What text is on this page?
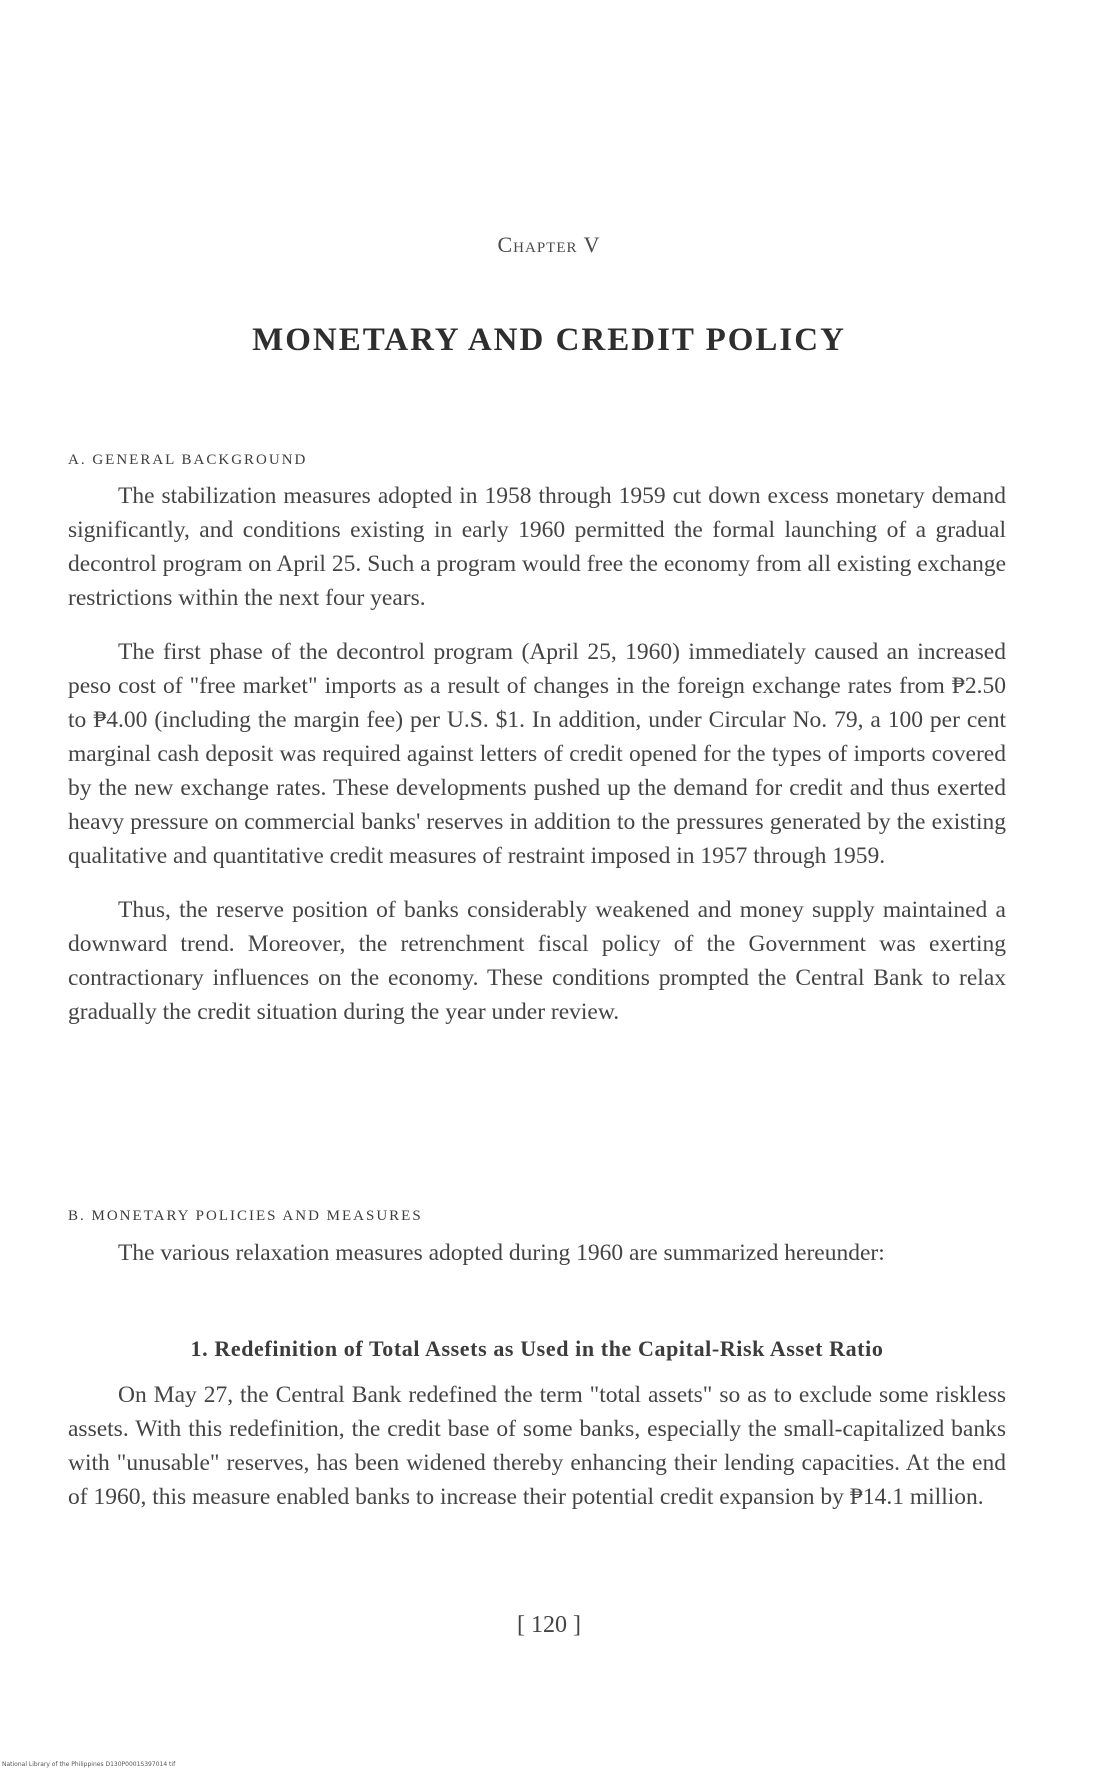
Chapter V
MONETARY AND CREDIT POLICY
A. GENERAL BACKGROUND

The stabilization measures adopted in 1958 through 1959 cut down excess monetary demand significantly, and conditions existing in early 1960 permitted the formal launching of a gradual decontrol program on April 25. Such a program would free the economy from all existing exchange restrictions within the next four years.

The first phase of the decontrol program (April 25, 1960) immediately caused an increased peso cost of "free market" imports as a result of changes in the foreign exchange rates from ₱2.50 to ₱4.00 (including the margin fee) per U.S. $1. In addition, under Circular No. 79, a 100 per cent marginal cash deposit was required against letters of credit opened for the types of imports covered by the new exchange rates. These developments pushed up the demand for credit and thus exerted heavy pressure on commercial banks' reserves in addition to the pressures generated by the existing qualitative and quantitative credit measures of restraint imposed in 1957 through 1959.

Thus, the reserve position of banks considerably weakened and money supply maintained a downward trend. Moreover, the retrenchment fiscal policy of the Government was exerting contractionary influences on the economy. These conditions prompted the Central Bank to relax gradually the credit situation during the year under review.

B. MONETARY POLICIES AND MEASURES

The various relaxation measures adopted during 1960 are summarized hereunder:

1. Redefinition of Total Assets as Used in the Capital-Risk Asset Ratio

On May 27, the Central Bank redefined the term "total assets" so as to exclude some riskless assets. With this redefinition, the credit base of some banks, especially the small-capitalized banks with "unusable" reserves, has been widened thereby enhancing their lending capacities. At the end of 1960, this measure enabled banks to increase their potential credit expansion by ₱14.1 million.

[ 120 ]
National Library of the Philippines D130P0001S397014 tif
